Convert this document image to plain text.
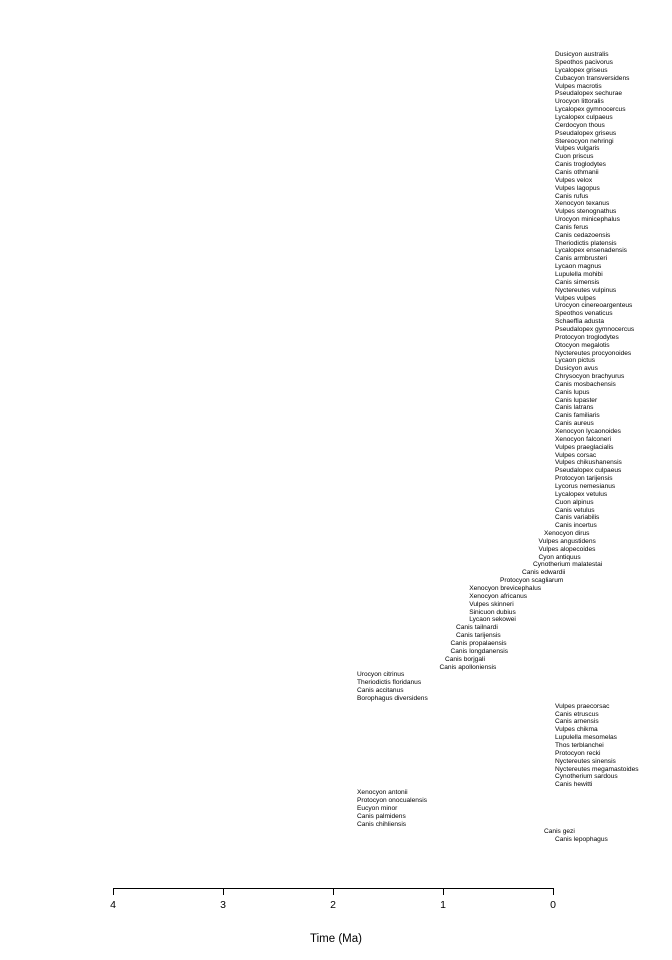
Dusicyon australis
Speothos pacivorus
Lycalopex griseus
Cubacyon transversidens
Vulpes macrotis
Pseudalopex sechurae
Urocyon littoralis
Lycalopex gymnocercus
Lycalopex culpaeus
Cerdocyon thous
Pseudalopex griseus
Stereocyon nehringi
Vulpes vulgaris
Cuon priscus
Canis troglodytes
Canis othmanii
Vulpes velox
Vulpes lagopus
Canis rufus
Xenocyon texanus
Vulpes stenognathus
Urocyon minicephalus
Canis ferus
Canis cedazoensis
Theriodictis platensis
Lycalopex ensenadensis
Canis armbrusteri
Lycaon magnus
Lupulella mohibi
Canis simensis
Nyctereutes vulpinus
Vulpes vulpes
Urocyon cinereoargenteus
Speothos venaticus
Schaeffia adusta
Pseudalopex gymnocercus
Protocyon troglodytes
Otocyon megalotis
Nyctereutes procyonoides
Lycaon pictus
Dusicyon avus
Chrysocyon brachyurus
Canis mosbachensis
Canis lupus
Canis lupaster
Canis latrans
Canis familiaris
Canis aureus
Xenocyon lycaonoides
Xenocyon falconeri
Vulpes praeglacialis
Vulpes corsac
Vulpes chikushanensis
Pseudalopex culpaeus
Protocyon tarijensis
Lycorus nemesianus
Lycalopex vetulus
Cuon alpinus
Canis vetulus
Canis variabilis
Canis incertus
Xenocyon dirus
Vulpes angustidens
Vulpes alopecoides
Cyon antiquus
Cynotherium malatestai
Canis edwardii
Protocyon scagliarum
Xenocyon brevicephalus
Xenocyon africanus
Vulpes skinneri
Sinicuon dubius
Lycaon sekowei
Canis tailnardi
Canis tarijensis
Canis propalaensis
Canis longdanensis
Canis borjgali
Canis apolloniensis
Urocyon citrinus
Theriodictis floridanus
Canis accitanus
Borophagus diversidens
Vulpes praecorsac
Canis etruscus
Canis arnensis
Vulpes chikma
Lupulella mesomelas
Thos terblanchei
Protocyon recki
Nyctereutes sinensis
Nyctereutes megamastoides
Cynotherium sardous
Canis hewitti
Xenocyon antonii
Protocyon onocualensis
Eucyon minor
Canis palmidens
Canis chihliensis
Canis gezi
Canis lepophagus
4	3	2	1	0
Time (Ma)
